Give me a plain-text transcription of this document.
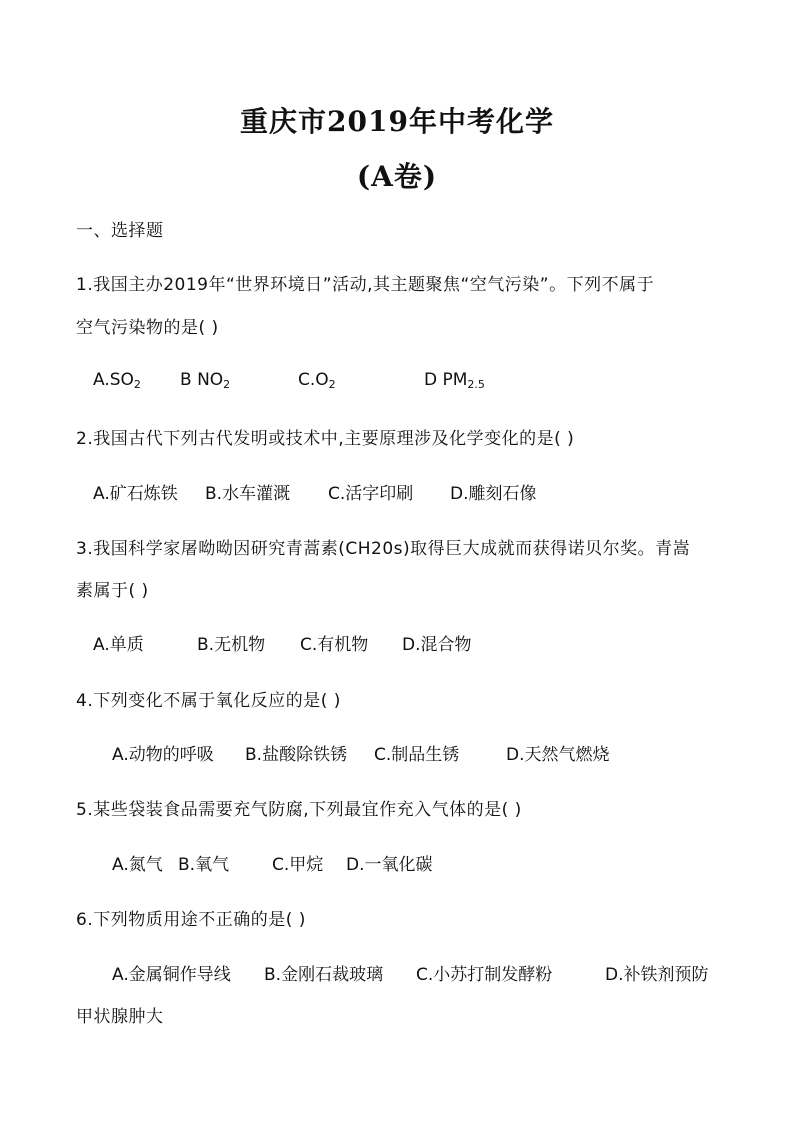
重庆市2019年中考化学
(A卷)
一、选择题
1.我国主办2019年“世界环境日”活动,其主题聚焦“空气污染”。下列不属于
空气污染物的是( )
$A.SO_2$ B $NO_2$	$C.O_2$	D $PM_{2.5}$
2.我国古代下列古代发明或技术中,主要原理涉及化学变化的是( )
A.矿石炼铁 B.水车灌溉 C.活字印刷 D.雕刻石像
3.我国科学家屠呦呦因研究青蒿素(CH20s)取得巨大成就而获得诺贝尔奖。青嵩
素属于( )
A.单质	B.无机物 C.有机物 D.混合物
4.下列变化不属于氧化反应的是( )
A.动物的呼吸 B.盐酸除铁锈 C.制品生锈	D.天然气燃烧
5.某些袋装食品需要充气防腐,下列最宜作充入气体的是( )
A.氮气 B.氧气	C.甲烷 D.一氧化碳
6.下列物质用途不正确的是( )
A.金属铜作导线 B.金刚石裁玻璃 C.小苏打制发酵粉	D.补铁剂预防
甲状腺肿大
